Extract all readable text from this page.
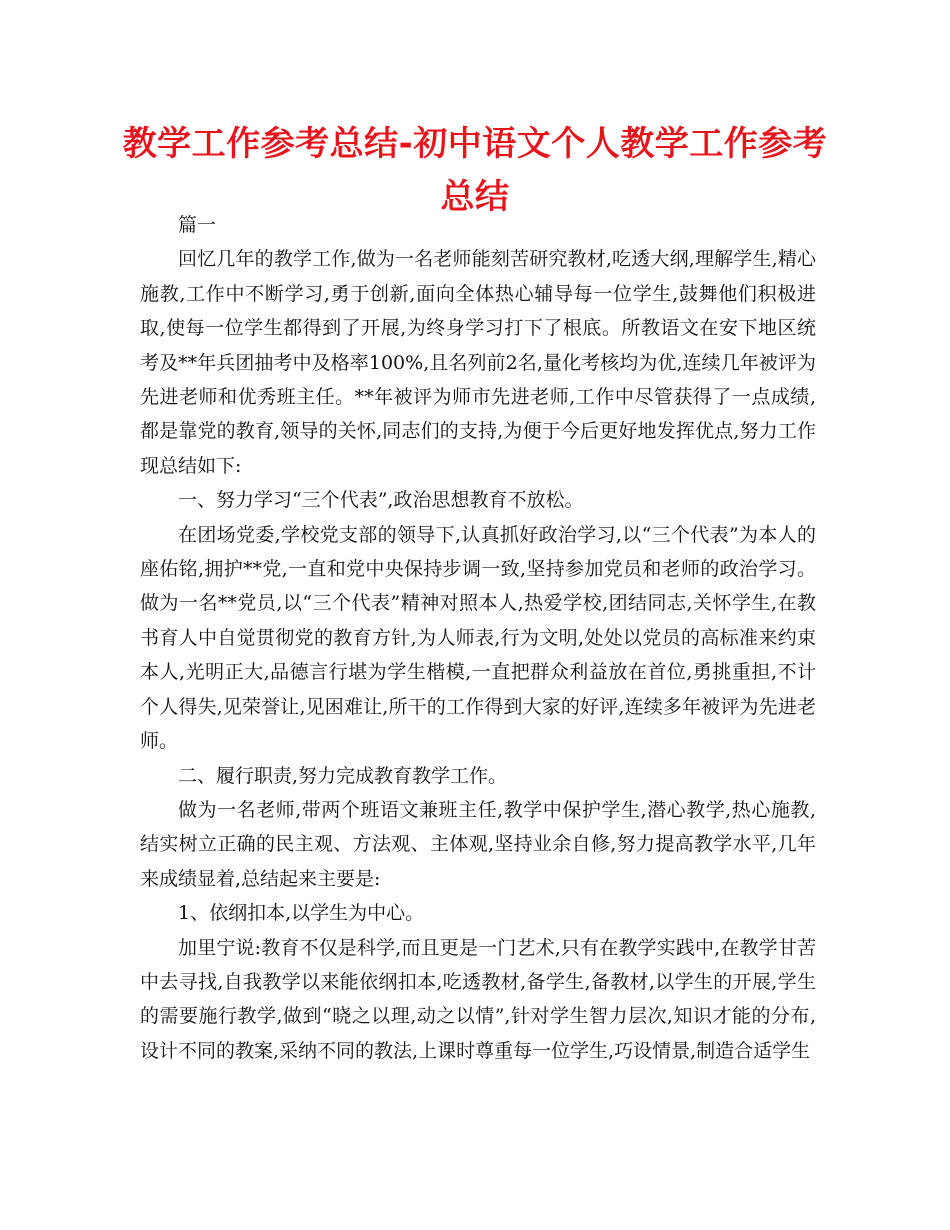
教学工作参考总结-初中语文个人教学工作参考总结

篇一

回忆几年的教学工作,做为一名老师能刻苦研究教材,吃透大纲,理解学生,精心施教,工作中不断学习,勇于创新,面向全体热心辅导每一位学生,鼓舞他们积极进取,使每一位学生都得到了开展,为终身学习打下了根底。所教语文在安下地区统考及**年兵团抽考中及格率100%,且名列前2名,量化考核均为优,连续几年被评为先进老师和优秀班主任。**年被评为师市先进老师,工作中尽管获得了一点成绩,都是靠党的教育,领导的关怀,同志们的支持,为便于今后更好地发挥优点,努力工作现总结如下:

一、努力学习“三个代表”,政治思想教育不放松。

在团场党委,学校党支部的领导下,认真抓好政治学习,以“三个代表”为本人的座佑铭,拥护**党,一直和党中央保持步调一致,坚持参加党员和老师的政治学习。做为一名**党员,以“三个代表”精神对照本人,热爱学校,团结同志,关怀学生,在教书育人中自觉贯彻党的教育方针,为人师表,行为文明,处处以党员的高标准来约束本人,光明正大,品德言行堪为学生楷模,一直把群众利益放在首位,勇挑重担,不计个人得失,见荣誉让,见困难让,所干的工作得到大家的好评,连续多年被评为先进老师。

二、履行职责,努力完成教育教学工作。

做为一名老师,带两个班语文兼班主任,教学中保护学生,潜心教学,热心施教,结实树立正确的民主观、方法观、主体观,坚持业余自修,努力提高教学水平,几年来成绩显着,总结起来主要是:

1、依纲扣本,以学生为中心。

加里宁说:教育不仅是科学,而且更是一门艺术,只有在教学实践中,在教学甘苦中去寻找,自我教学以来能依纲扣本,吃透教材,备学生,备教材,以学生的开展,学生的需要施行教学,做到“晓之以理,动之以情”,针对学生智力层次,知识才能的分布,设计不同的教案,采纳不同的教法,上课时尊重每一位学生,巧设情景,制造合适学生
